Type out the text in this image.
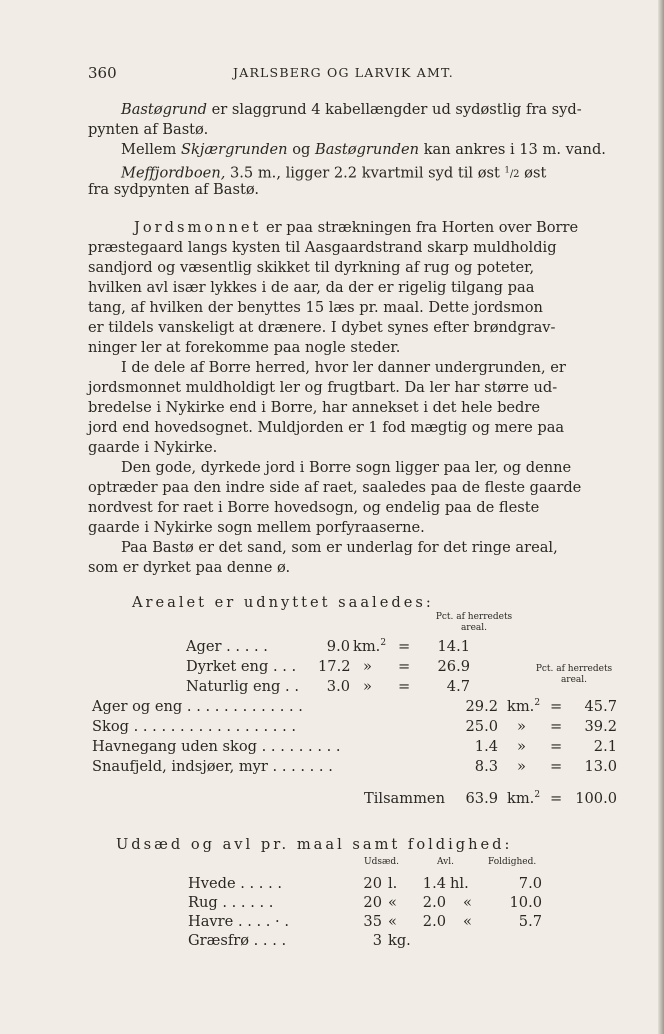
360	JARLSBERG OG LARVIK AMT.
Bastøgrund er slaggrund 4 kabellængder ud sydøstlig fra syd-
pynten af Bastø.
Mellem Skjærgrunden og Bastøgrunden kan ankres i 13 m. vand.
Meffjordboen, 3.5 m., ligger 2.2 kvartmil syd til øst $^1$/2 øst
fra sydpynten af Bastø.
Jordsmonnet er paa strækningen fra Horten over Borre
præstegaard langs kysten til Aasgaardstrand skarp muldholdig
sandjord og væsentlig skikket til dyrkning af rug og poteter,
hvilken avl især lykkes i de aar, da der er rigelig tilgang paa
tang, af hvilken der benyttes 15 læs pr. maal. Dette jordsmon
er tildels vanskeligt at drænere. I dybet synes efter brøndgrav-
ninger ler at forekomme paa nogle steder.
I de dele af Borre herred, hvor ler danner undergrunden, er
jordsmonnet muldholdigt ler og frugtbart. Da ler har større ud-
bredelse i Nykirke end i Borre, har annekset i det hele bedre
jord end hovedsognet. Muldjorden er 1 fod mægtig og mere paa
gaarde i Nykirke.
Den gode, dyrkede jord i Borre sogn ligger paa ler, og denne
optræder paa den indre side af raet, saaledes paa de fleste gaarde
nordvest for raet i Borre hovedsogn, og endelig paa de fleste
gaarde i Nykirke sogn mellem porfyraaserne.
Paa Bastø er det sand, som er underlag for det ringe areal,
som er dyrket paa denne ø.
Arealet er udnyttet saaledes:
Pct. af herredets areal.
Ager . . . . .	9.0 km.$^2$ =	14.1
Dyrket eng . . . 17.2 » =	26.9	Pct. af herredets areal.
Naturlig eng . .	3.0 » =	4.7
Ager og eng . . . . . . . . . . . . .	29.2 km.$^2$ =	45.7
Skog . . . . . . . . . . . . . . . . . .	25.0 » =	39.2
Havnegang uden skog . . . . . . . . .	1.4 » =	2.1
Snaufjeld, indsjøer, myr . . . . . . .	8.3 » =	13.0
Tilsammen	63.9 km.$^2$ = 100.0
Udsæd og avl pr. maal samt foldighed:
Udsæd.	Avl.	Foldighed.
Hvede . . . . .	20 l.	1.4 hl.	7.0
Rug . . . . . .	20 «	2.0 «	10.0
Havre . . . . · .	35 «	2.0 «	5.7
Græsfrø . . . .	3 kg.
